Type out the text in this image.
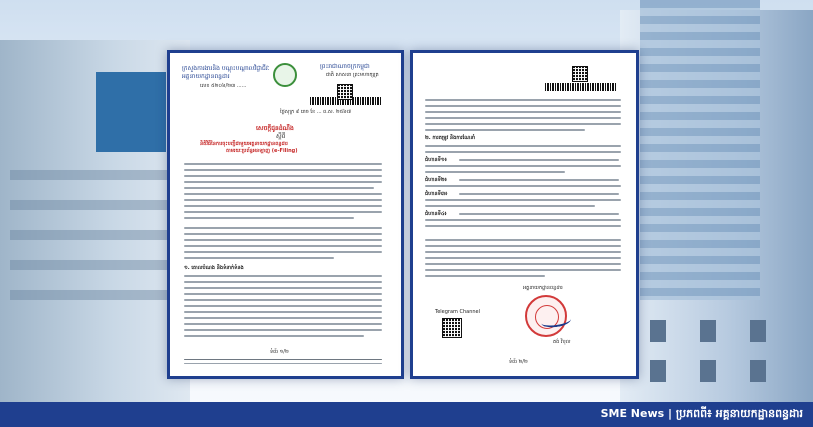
ក្រសួងការងារនិង បណ្តុះបណ្តាលវិជ្ជាជីវៈ
អគ្គនាយកដ្ឋានពន្ធដារ
លេខ ៥២០៦/២៣ ......
ព្រះរាជាណាចក្រកម្ពុជា
ជាតិ សាសនា ព្រះមហាក្សត្រ
ថ្ងៃសុក្រ ៩ រោច ខែ ... ព.ស. ២៥៦៧
សេចក្តីជូនដំណឹង
ស្តីពី
និតិវិធីនៃការចុះបញ្ជីជាមួយអគ្គនាយកដ្ឋានពន្ធដារ
តាមរយៈប្រព័ន្ធអនឡាញ (e-Filing)
១. គោលបំណង និងទំនាក់ទំនង
ទំព័រ ១/២
២. ការតម្រូវ និងការណែនាំ
ជំហានទី១៖
ជំហានទី២៖
ជំហានទី៣៖
ជំហានទី៤៖
អគ្គនាយកដ្ឋានពន្ធដារ
គង់ វិបុល
Telegram Channel
ទំព័រ ២/២
SME News | ប្រភពពី៖ អគ្គនាយកដ្ឋានពន្ធដារ
